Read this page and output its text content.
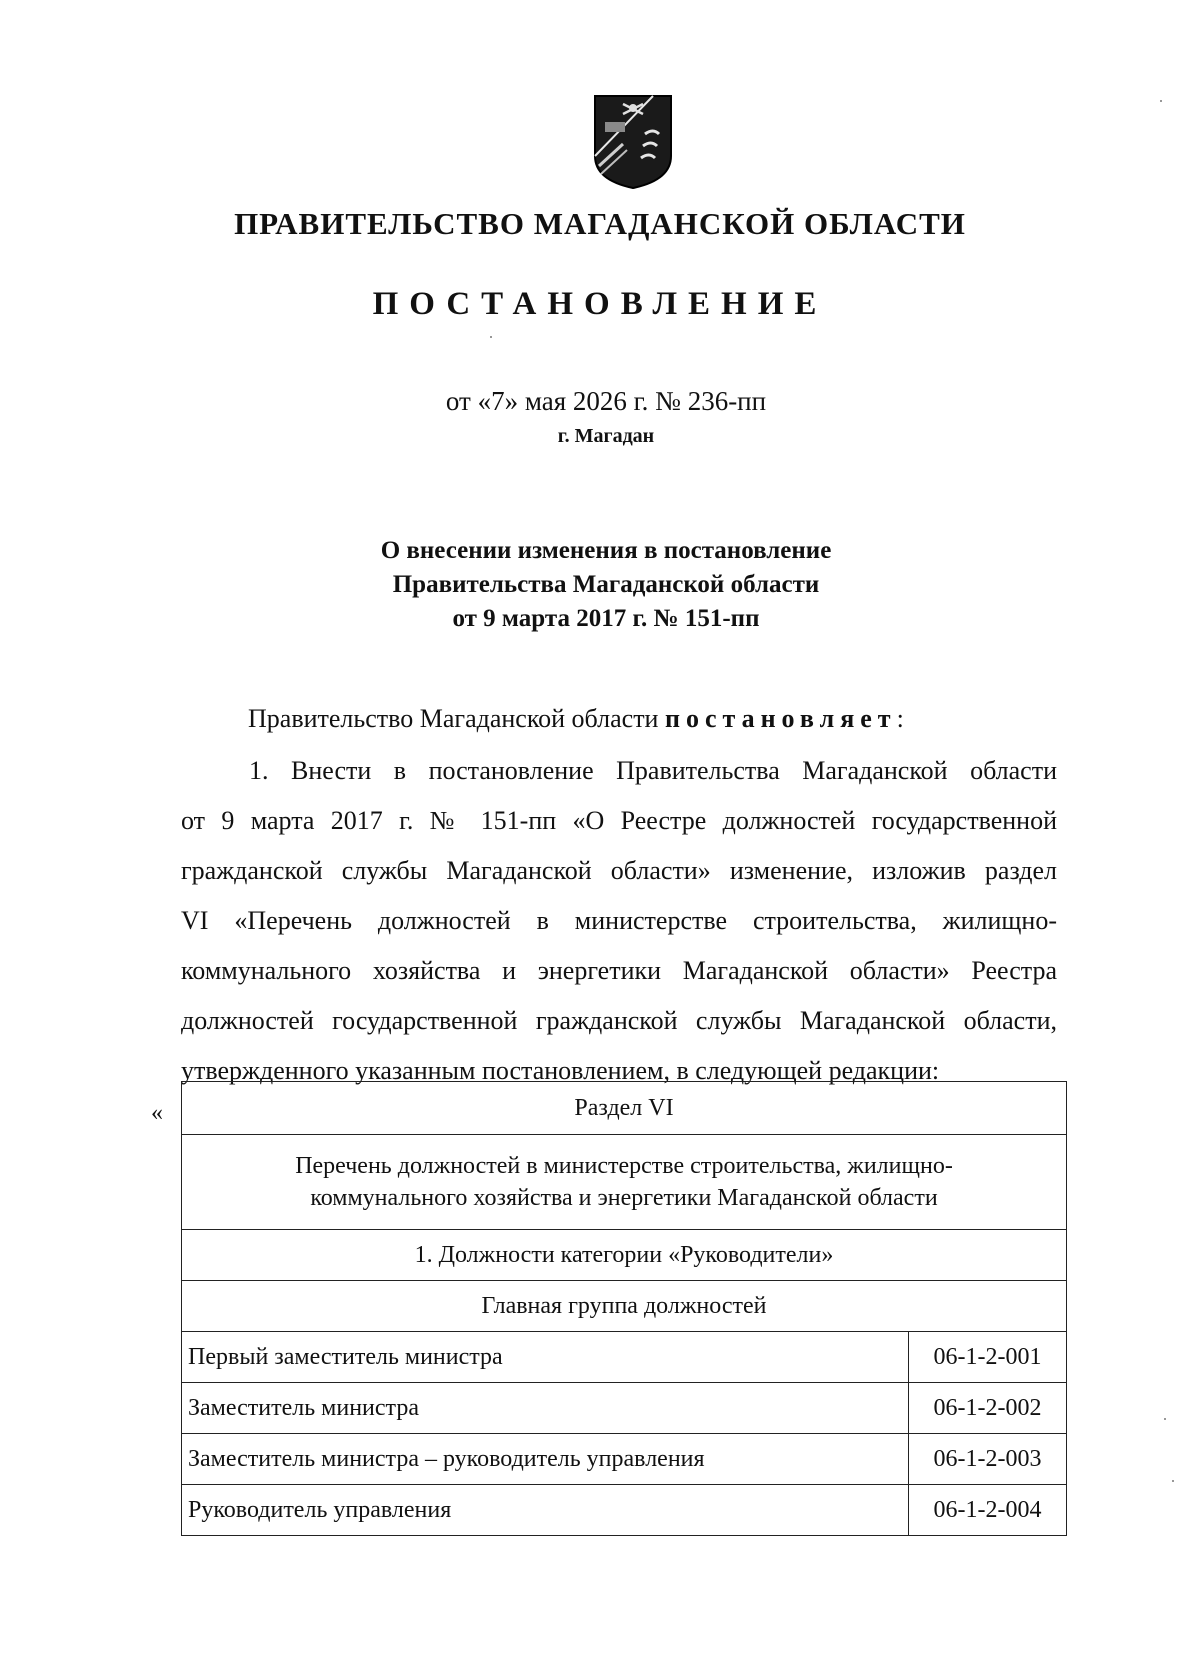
ПРАВИТЕЛЬСТВО МАГАДАНСКОЙ ОБЛАСТИ
ПОСТАНОВЛЕНИЕ
от «7» мая 2026 г. № 236-пп
г. Магадан
О внесении изменения в постановление
Правительства Магаданской области
от 9 марта 2017 г. № 151-пп
Правительство Магаданской области постановляет:
1. Внести в постановление Правительства Магаданской области
от 9 марта 2017 г. № 151-пп «О Реестре должностей государственной
гражданской службы Магаданской области» изменение, изложив раздел
VI «Перечень должностей в министерстве строительства, жилищно-
коммунального хозяйства и энергетики Магаданской области» Реестра
должностей государственной гражданской службы Магаданской области,
утвержденного указанным постановлением, в следующей редакции:
«	Раздел VI	

Перечень должностей в министерстве строительства, жилищно-
коммунального хозяйства и энергетики Магаданской области	

1. Должности категории «Руководители»	
Главная группа должностей	
Первый заместитель министра	06-1-2-001
Заместитель министра	06-1-2-002
Заместитель министра – руководитель управления	06-1-2-003
Руководитель управления	06-1-2-004
